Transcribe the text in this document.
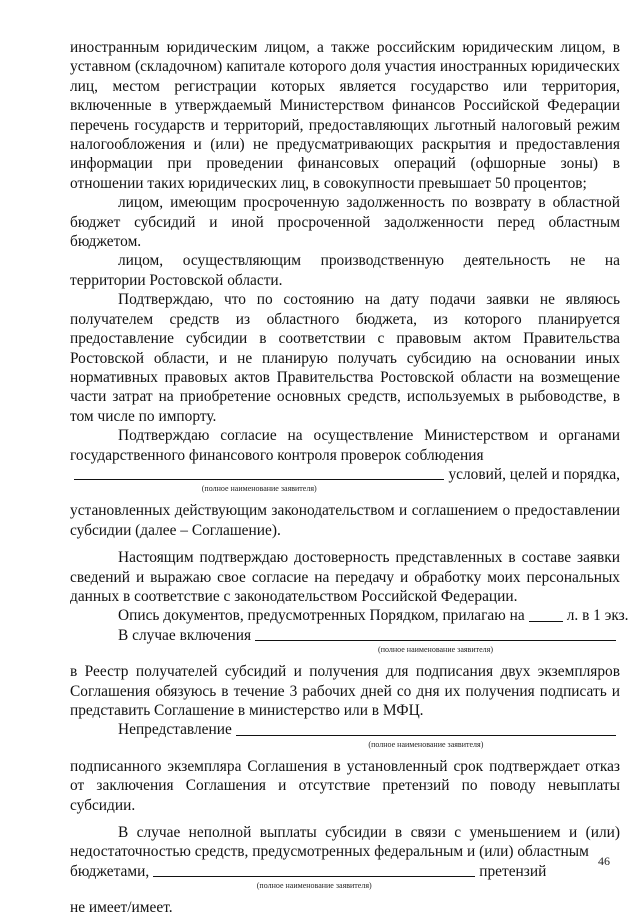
иностранным юридическим лицом, а также российским юридическим лицом, в уставном (складочном) капитале которого доля участия иностранных юридических лиц, местом регистрации которых является государство или территория, включенные в утверждаемый Министерством финансов Российской Федерации перечень государств и территорий, предоставляющих льготный налоговый режим налогообложения и (или) не предусматривающих раскрытия и предоставления информации при проведении финансовых операций (офшорные зоны) в отношении таких юридических лиц, в совокупности превышает 50 процентов;

лицом, имеющим просроченную задолженность по возврату в областной бюджет субсидий и иной просроченной задолженности перед областным бюджетом.

лицом, осуществляющим производственную деятельность не на территории Ростовской области.

Подтверждаю, что по состоянию на дату подачи заявки не являюсь получателем средств из областного бюджета, из которого планируется предоставление субсидии в соответствии с правовым актом Правительства Ростовской области, и не планирую получать субсидию на основании иных нормативных правовых актов Правительства Ростовской области на возмещение части затрат на приобретение основных средств, используемых в рыбоводстве, в том числе по импорту.

Подтверждаю согласие на осуществление Министерством и органами государственного финансового контроля проверок соблюдения

(полное наименование заявителя)
условий, целей и порядка,

установленных действующим законодательством и соглашением о предоставлении субсидии (далее – Соглашение).

Настоящим подтверждаю достоверность представленных в составе заявки сведений и выражаю свое согласие на передачу и обработку моих персональных данных в соответствие с законодательством Российской Федерации.

Опись документов, предусмотренных Порядком, прилагаю на	л. в 1 экз.
В случае включения
(полное наименование заявителя)

в Реестр получателей субсидий и получения для подписания двух экземпляров Соглашения обязуюсь в течение 3 рабочих дней со дня их получения подписать и представить Соглашение в министерство или в МФЦ.

Непредставление
(полное наименование заявителя)

подписанного экземпляра Соглашения в установленный срок подтверждает отказ от заключения Соглашения и отсутствие претензий по поводу невыплаты субсидии.

В случае неполной выплаты субсидии в связи с уменьшением и (или) недостаточностью средств, предусмотренных федеральным и (или) областным

бюджетами,
(полное наименование заявителя)
претензий

не имеет/имеет.

46
